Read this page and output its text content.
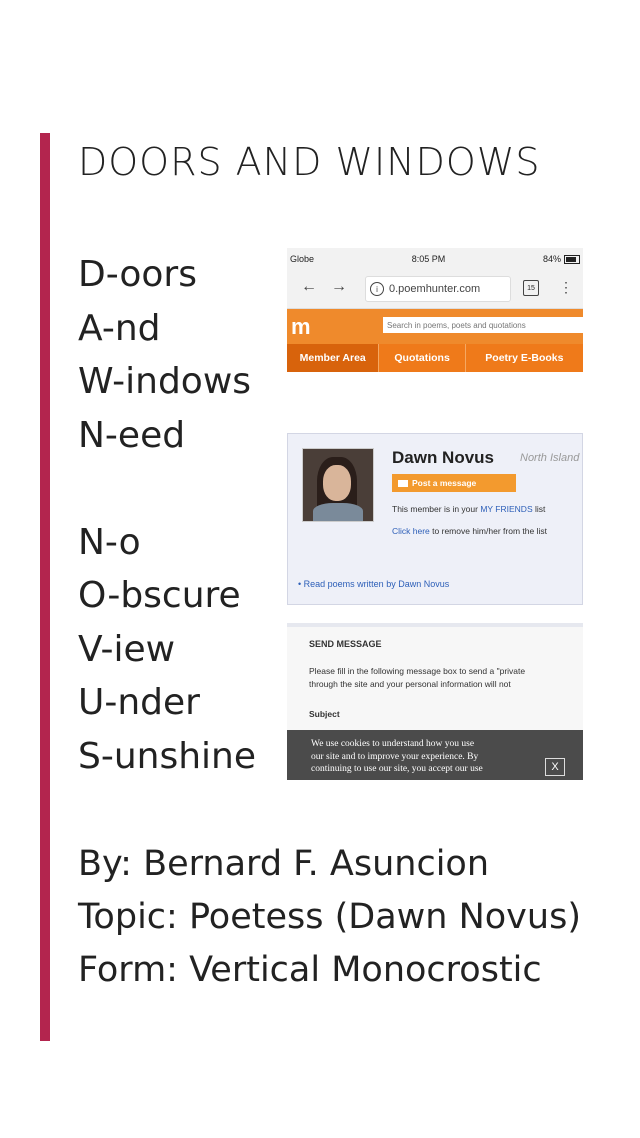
DOORS AND WINDOWS
D-oors
A-nd
W-indows
N-eed
N-o
O-bscure
V-iew
U-nder
S-unshine
Globe	8:05 PM	84%
← →	i	0.poemhunter.com	15 ⋮
m	Search in poems, poets and quotations
Member Area	Quotations	Poetry E-Books
Dawn Novus North Island
Post a message
This member is in your MY FRIENDS list
Click here to remove him/her from the list
• Read poems written by Dawn Novus
SEND MESSAGE
Please fill in the following message box to send a "private
through the site and your personal information will not
Subject
We use cookies to understand how you use
our site and to improve your experience. By
continuing to use our site, you accept our use	X
By: Bernard F. Asuncion
Topic: Poetess (Dawn Novus)
Form: Vertical Monocrostic
